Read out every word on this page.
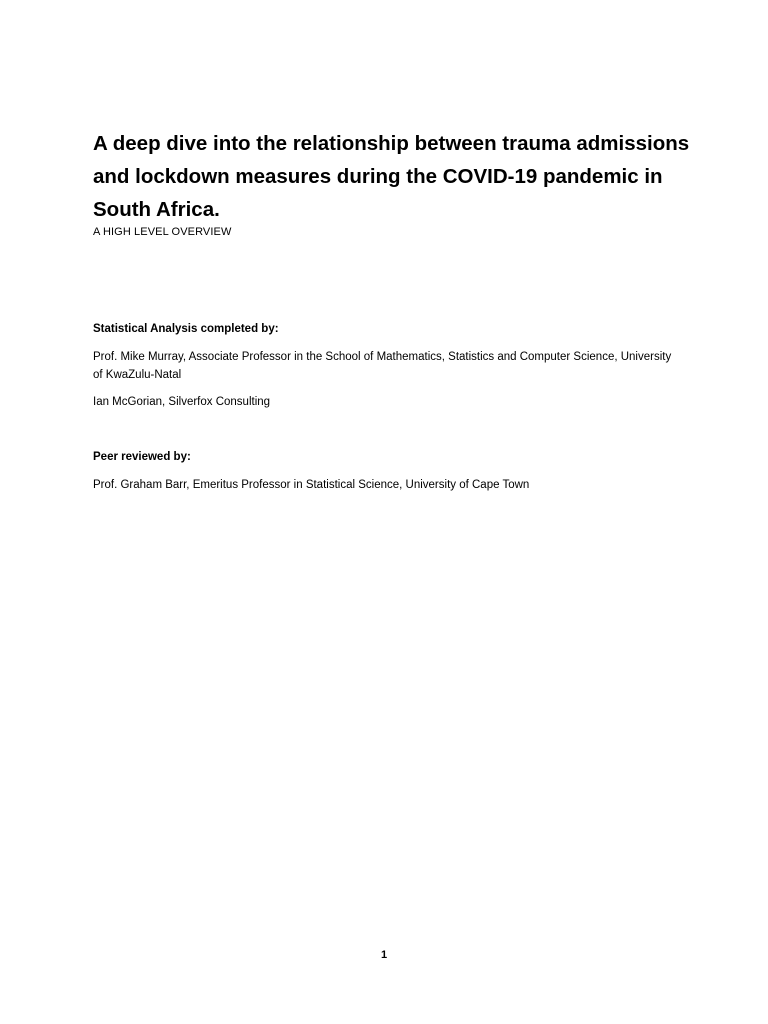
A deep dive into the relationship between trauma admissions and lockdown measures during the COVID-19 pandemic in South Africa.

A HIGH LEVEL OVERVIEW

Statistical Analysis completed by:

Prof. Mike Murray, Associate Professor in the School of Mathematics, Statistics and Computer Science, University of KwaZulu-Natal

Ian McGorian, Silverfox Consulting

Peer reviewed by:

Prof. Graham Barr, Emeritus Professor in Statistical Science, University of Cape Town

1
